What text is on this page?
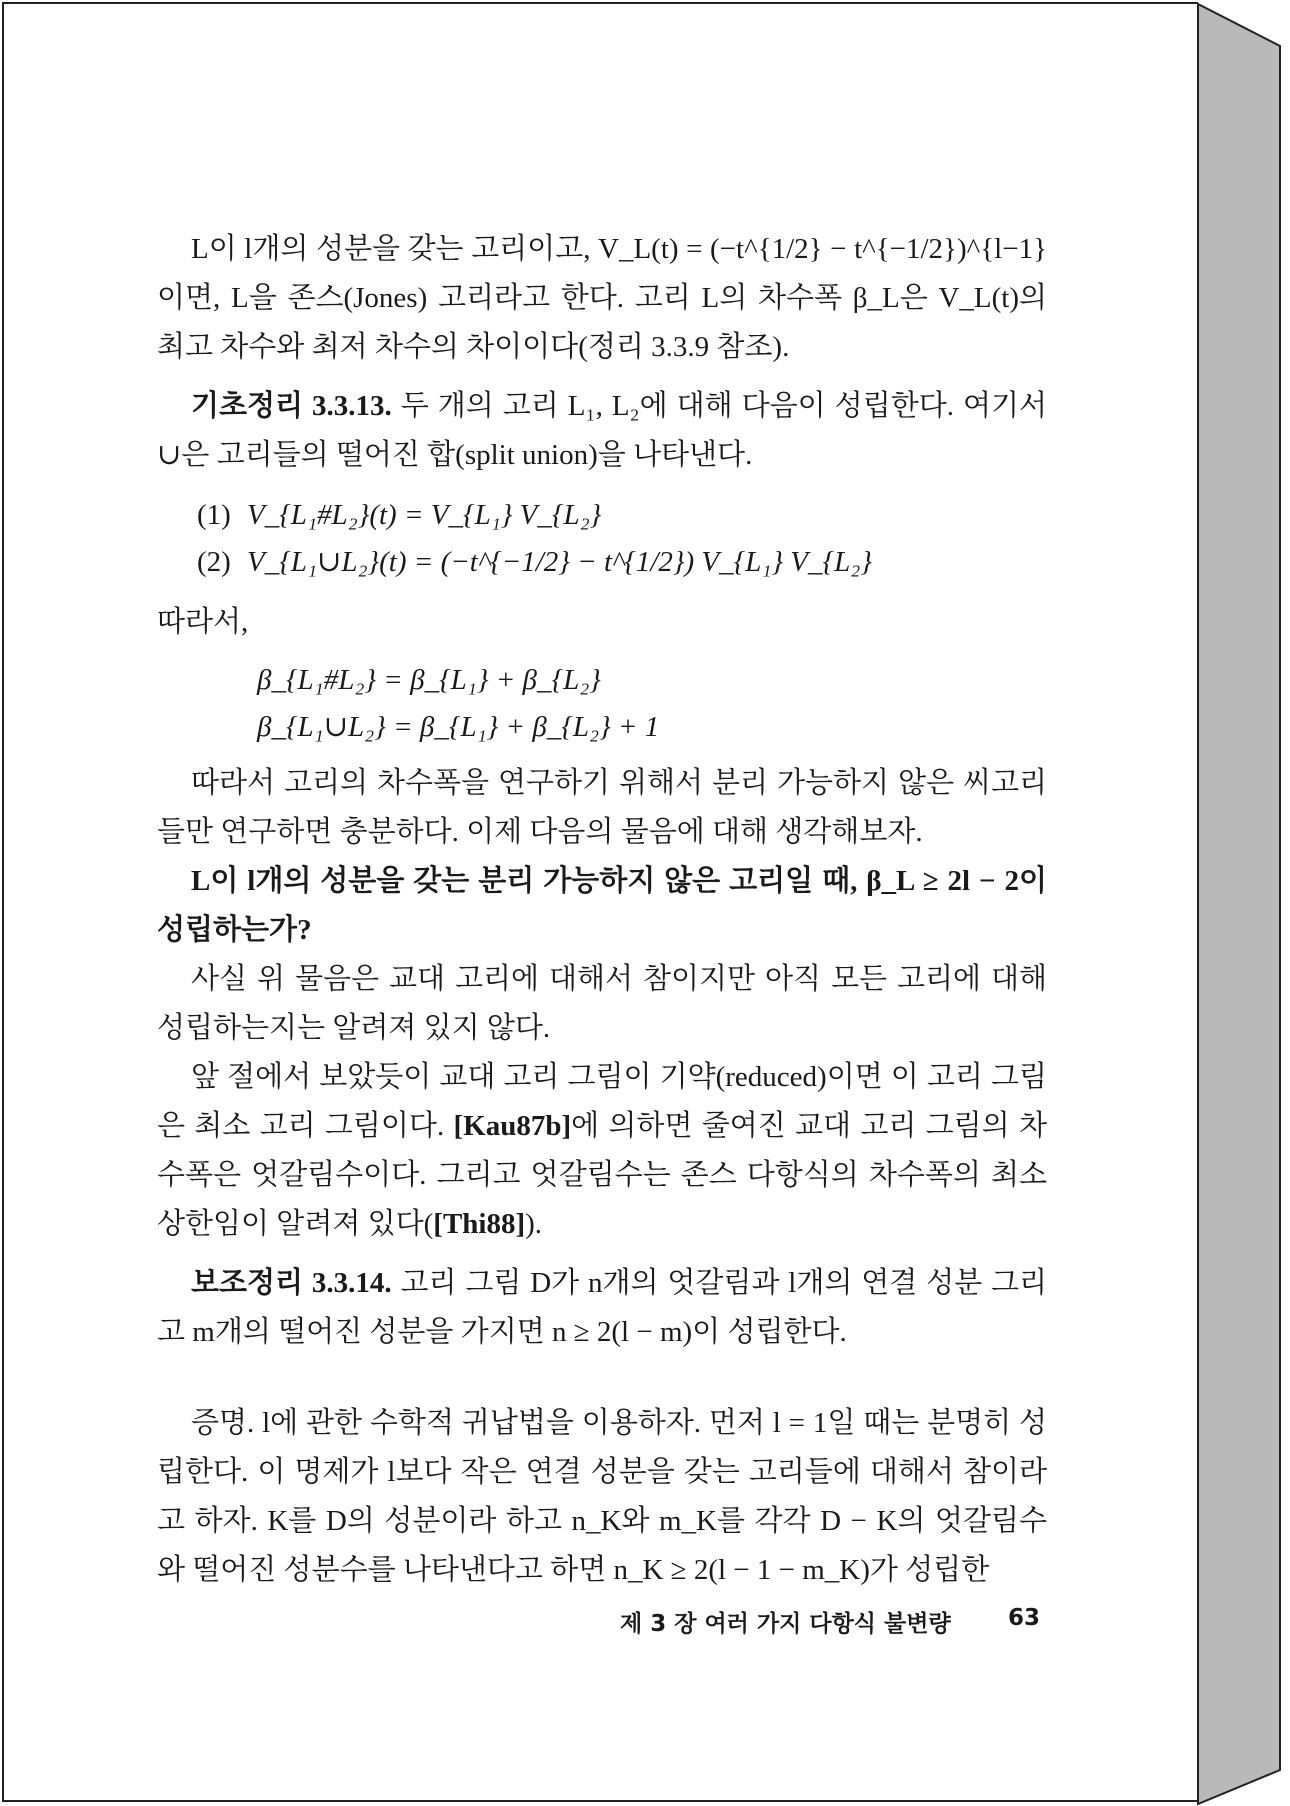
L이 l개의 성분을 갖는 고리이고, V_L(t) = (−t^{1/2} − t^{−1/2})^{l−1} 이면, L을 존스(Jones) 고리라고 한다. 고리 L의 차수폭 β_L은 V_L(t)의 최고 차수와 최저 차수의 차이이다(정리 3.3.9 참조).

기초정리 3.3.13. 두 개의 고리 L₁, L₂에 대해 다음이 성립한다. 여기서 ∪은 고리들의 떨어진 합(split union)을 나타낸다.

(1) V_{L₁#L₂}(t) = V_{L₁} V_{L₂}
(2) V_{L₁∪L₂}(t) = (−t^{−1/2} − t^{1/2}) V_{L₁} V_{L₂}

따라서,

β_{L₁#L₂} = β_{L₁} + β_{L₂}
β_{L₁∪L₂} = β_{L₁} + β_{L₂} + 1

따라서 고리의 차수폭을 연구하기 위해서 분리 가능하지 않은 씨고리들만 연구하면 충분하다. 이제 다음의 물음에 대해 생각해보자.

L이 l개의 성분을 갖는 분리 가능하지 않은 고리일 때, β_L ≥ 2l − 2이 성립하는가?

사실 위 물음은 교대 고리에 대해서 참이지만 아직 모든 고리에 대해 성립하는지는 알려져 있지 않다.

앞 절에서 보았듯이 교대 고리 그림이 기약(reduced)이면 이 고리 그림은 최소 고리 그림이다. [Kau87b]에 의하면 줄여진 교대 고리 그림의 차수폭은 엇갈림수이다. 그리고 엇갈림수는 존스 다항식의 차수폭의 최소 상한임이 알려져 있다([Thi88]).

보조정리 3.3.14. 고리 그림 D가 n개의 엇갈림과 l개의 연결 성분 그리고 m개의 떨어진 성분을 가지면 n ≥ 2(l − m)이 성립한다.

증명. l에 관한 수학적 귀납법을 이용하자. 먼저 l = 1일 때는 분명히 성립한다. 이 명제가 l보다 작은 연결 성분을 갖는 고리들에 대해서 참이라고 하자. K를 D의 성분이라 하고 n_K와 m_K를 각각 D − K의 엇갈림수와 떨어진 성분수를 나타낸다고 하면 n_K ≥ 2(l − 1 − m_K)가 성립한

제 3 장 여러 가지 다항식 불변량 63
